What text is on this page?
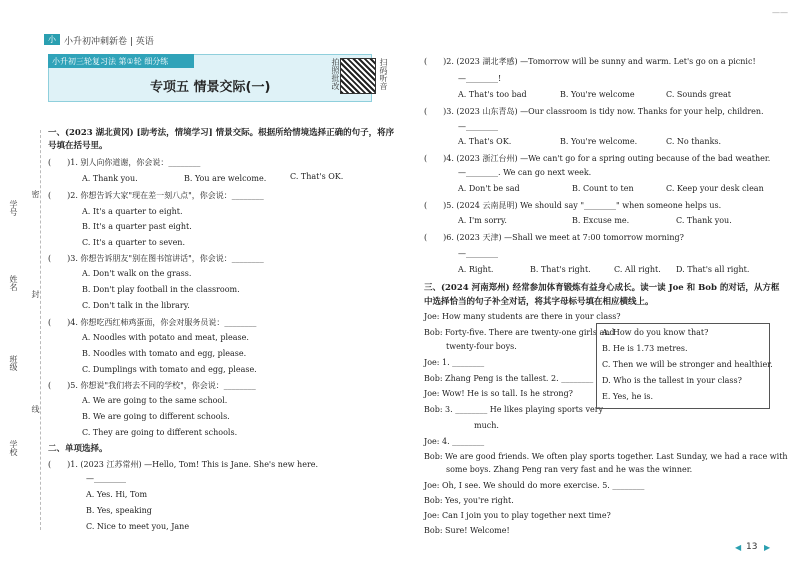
小 小升初冲刺新卷 | 英语
——
小升初三轮复习法 第①轮 细分练
专项五 情景交际(一)	扫码听音
拍照批改
学号
姓名
班级
学校
密
封
线
一、(2023 湖北黄冈) [助考法，情境学习] 情景交际。根据所给情境选择正确的句子，将序
号填在括号里。
(　　)1. 别人向你道谢，你会说：________
A. Thank you.	B. You are welcome.	C. That's OK.
(　　)2. 你想告诉大家"现在差一刻八点"，你会说：________
A. It's a quarter to eight.
B. It's a quarter past eight.
C. It's a quarter to seven.
(　　)3. 你想告诉朋友"别在图书馆讲话"，你会说：________
A. Don't walk on the grass.
B. Don't play football in the classroom.
C. Don't talk in the library.
(　　)4. 你想吃西红柿鸡蛋面，你会对服务员说：________
A. Noodles with potato and meat, please.
B. Noodles with tomato and egg, please.
C. Dumplings with tomato and egg, please.
(　　)5. 你想说"我们将去不同的学校"，你会说：________
A. We are going to the same school.
B. We are going to different schools.
C. They are going to different schools.
二、单项选择。
(　　)1. (2023 江苏常州) —Hello, Tom! This is Jane. She's new here.
—________
A. Yes. Hi, Tom
B. Yes, speaking
C. Nice to meet you, Jane
(　　)2. (2023 湖北孝感) —Tomorrow will be sunny and warm. Let's go on a picnic!
—________!
A. That's too bad	B. You're welcome	C. Sounds great
(　　)3. (2023 山东青岛) —Our classroom is tidy now. Thanks for your help, children.
—________
A. That's OK.	B. You're welcome.	C. No thanks.
(　　)4. (2023 浙江台州) —We can't go for a spring outing because of the bad weather.
—________. We can go next week.
A. Don't be sad	B. Count to ten	C. Keep your desk clean
(　　)5. (2024 云南昆明) We should say "________" when someone helps us.
A. I'm sorry.	B. Excuse me.	C. Thank you.
(　　)6. (2023 天津) —Shall we meet at 7:00 tomorrow morning?
—________
A. Right.	B. That's right.	C. All right. D. That's all right.
三、(2024 河南郑州) 经常参加体育锻炼有益身心成长。读一读 Joe 和 Bob 的对话，从方框
中选择恰当的句子补全对话，将其字母标号填在相应横线上。
Joe: How many students are there in your class?
Bob: Forty-five. There are twenty-one girls and
twenty-four boys.
Joe: 1. ________
Bob: Zhang Peng is the tallest. 2. ________
Joe: Wow! He is so tall. Is he strong?
Bob: 3. ________ He likes playing sports very
much.
Joe: 4. ________
Bob: We are good friends. We often play sports together. Last Sunday, we had a race with
some boys. Zhang Peng ran very fast and he was the winner.
Joe: Oh, I see. We should do more exercise. 5. ________
Bob: Yes, you're right.
Joe: Can I join you to play together next time?
Bob: Sure! Welcome!
A. How do you know that?
B. He is 1.73 metres.
C. Then we will be stronger and healthier.
D. Who is the tallest in your class?
E. Yes, he is.
◀ 13 ▶
